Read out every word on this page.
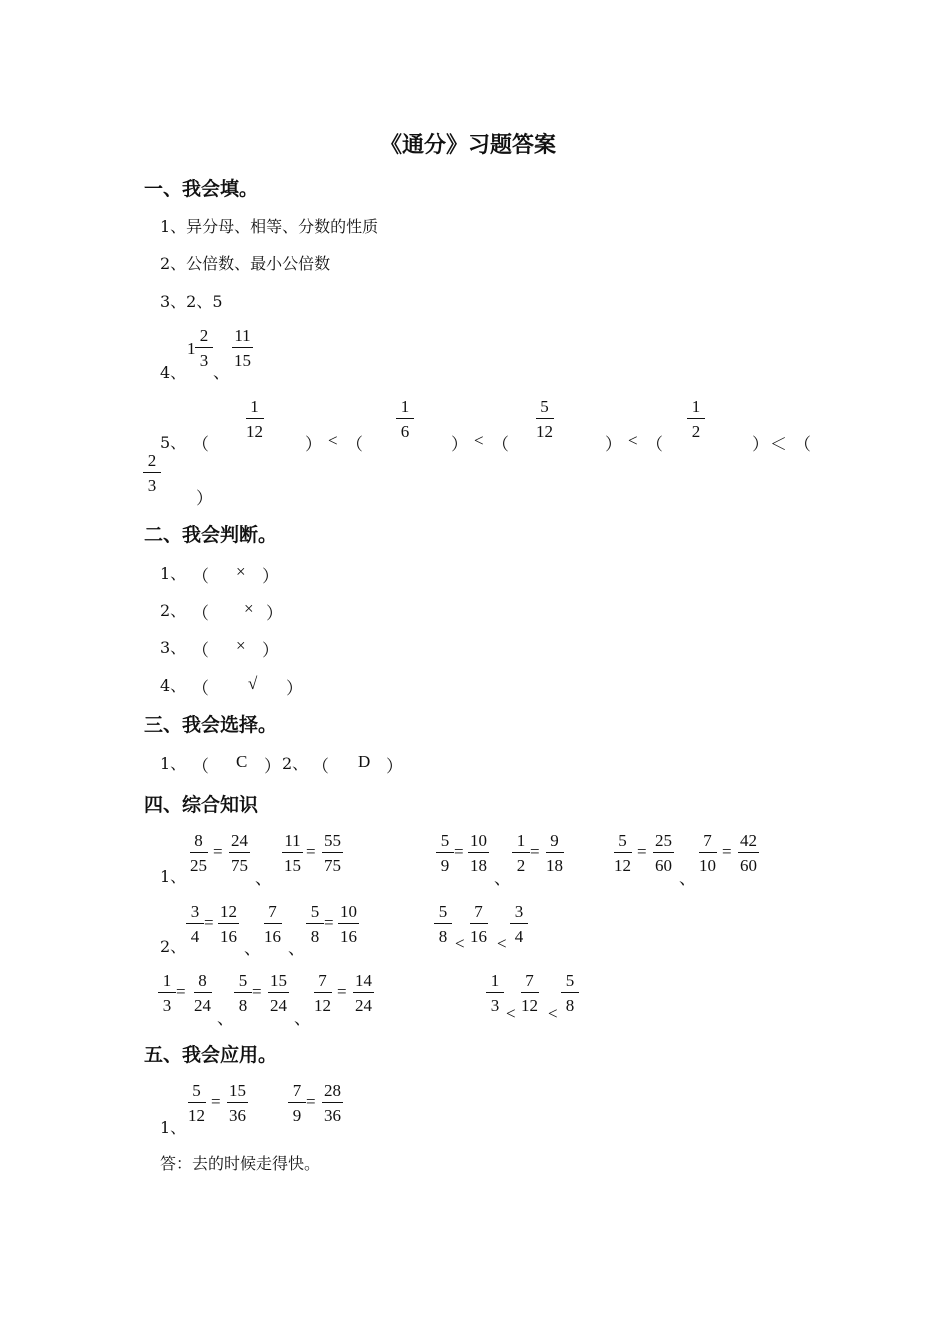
《通分》习题答案
一、我会填。
1、异分母、相等、分数的性质
2、公倍数、最小公倍数
3、2、5
4、
$1 \frac{2}{3}$
、
$\frac{11}{15}$
5、 （
$\frac{1}{12}$
） < （
$\frac{1}{6}$
） < （
$\frac{5}{12}$
） < （
$\frac{1}{2}$
） ＜ （
$\frac{2}{3}$
）
二、我会判断。
1、 （ × ）
2、 （ × ）
3、 （ × ）
4、 （ √ ）
三、我会选择。
1、 （ C ） 2、 （ D ）
四、综合知识
1、
$\frac{8}{25} = \frac{24}{75}$
、
$\frac{11}{15} = \frac{55}{75}$	$\frac{5}{9} = \frac{10}{18}$
、
$\frac{1}{2} = \frac{9}{18}$	$\frac{5}{12} = \frac{25}{60}$
、
$\frac{7}{10} = \frac{42}{60}$
2、
$\frac{3}{4} = \frac{12}{16}$
、
$\frac{7}{16}$
、
$\frac{5}{8} = \frac{10}{16}$	$\frac{5}{8} < \frac{7}{16} < \frac{3}{4}$
$\frac{1}{3} = \frac{8}{24}$
、
$\frac{5}{8} = \frac{15}{24}$
、
$\frac{7}{12} = \frac{14}{24}$	$\frac{1}{3} < \frac{7}{12} < \frac{5}{8}$
五、我会应用。
1、
$\frac{5}{12} = \frac{15}{36} \frac{7}{9} = \frac{28}{36}$
答：去的时候走得快。
